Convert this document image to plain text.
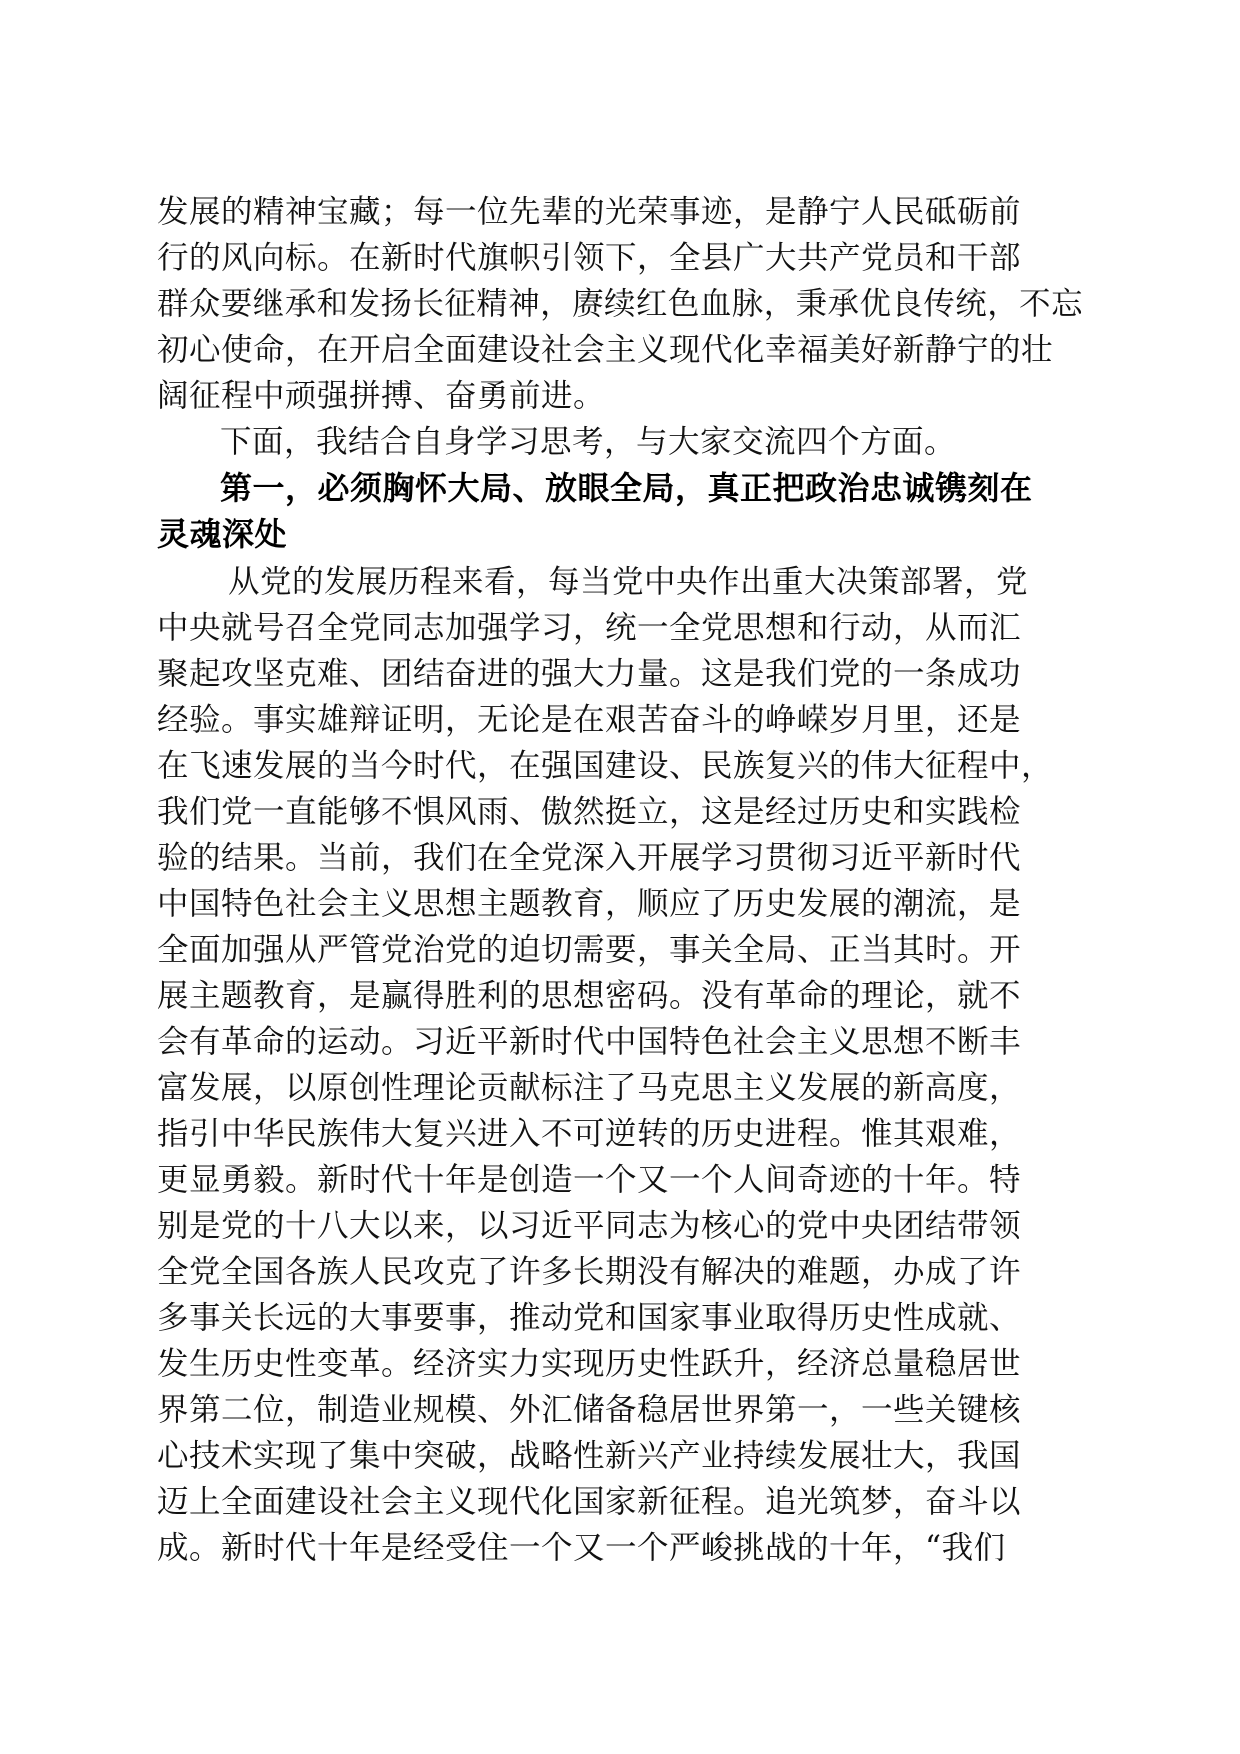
发展的精神宝藏；每一位先辈的光荣事迹，是静宁人民砥砺前
行的风向标。在新时代旗帜引领下，全县广大共产党员和干部
群众要继承和发扬长征精神，赓续红色血脉，秉承优良传统，不忘
初心使命，在开启全面建设社会主义现代化幸福美好新静宁的壮
阔征程中顽强拼搏、奋勇前进。
下面，我结合自身学习思考，与大家交流四个方面。
第一，必须胸怀大局、放眼全局，真正把政治忠诚镌刻在
灵魂深处
从党的发展历程来看，每当党中央作出重大决策部署，党
中央就号召全党同志加强学习，统一全党思想和行动，从而汇
聚起攻坚克难、团结奋进的强大力量。这是我们党的一条成功
经验。事实雄辩证明，无论是在艰苦奋斗的峥嵘岁月里，还是
在飞速发展的当今时代，在强国建设、民族复兴的伟大征程中，
我们党一直能够不惧风雨、傲然挺立，这是经过历史和实践检
验的结果。当前，我们在全党深入开展学习贯彻习近平新时代
中国特色社会主义思想主题教育，顺应了历史发展的潮流，是
全面加强从严管党治党的迫切需要，事关全局、正当其时。开
展主题教育，是赢得胜利的思想密码。没有革命的理论，就不
会有革命的运动。习近平新时代中国特色社会主义思想不断丰
富发展，以原创性理论贡献标注了马克思主义发展的新高度，
指引中华民族伟大复兴进入不可逆转的历史进程。惟其艰难，
更显勇毅。新时代十年是创造一个又一个人间奇迹的十年。特
别是党的十八大以来，以习近平同志为核心的党中央团结带领
全党全国各族人民攻克了许多长期没有解决的难题，办成了许
多事关长远的大事要事，推动党和国家事业取得历史性成就、
发生历史性变革。经济实力实现历史性跃升，经济总量稳居世
界第二位，制造业规模、外汇储备稳居世界第一，一些关键核
心技术实现了集中突破，战略性新兴产业持续发展壮大，我国
迈上全面建设社会主义现代化国家新征程。追光筑梦，奋斗以
成。新时代十年是经受住一个又一个严峻挑战的十年，“我们
